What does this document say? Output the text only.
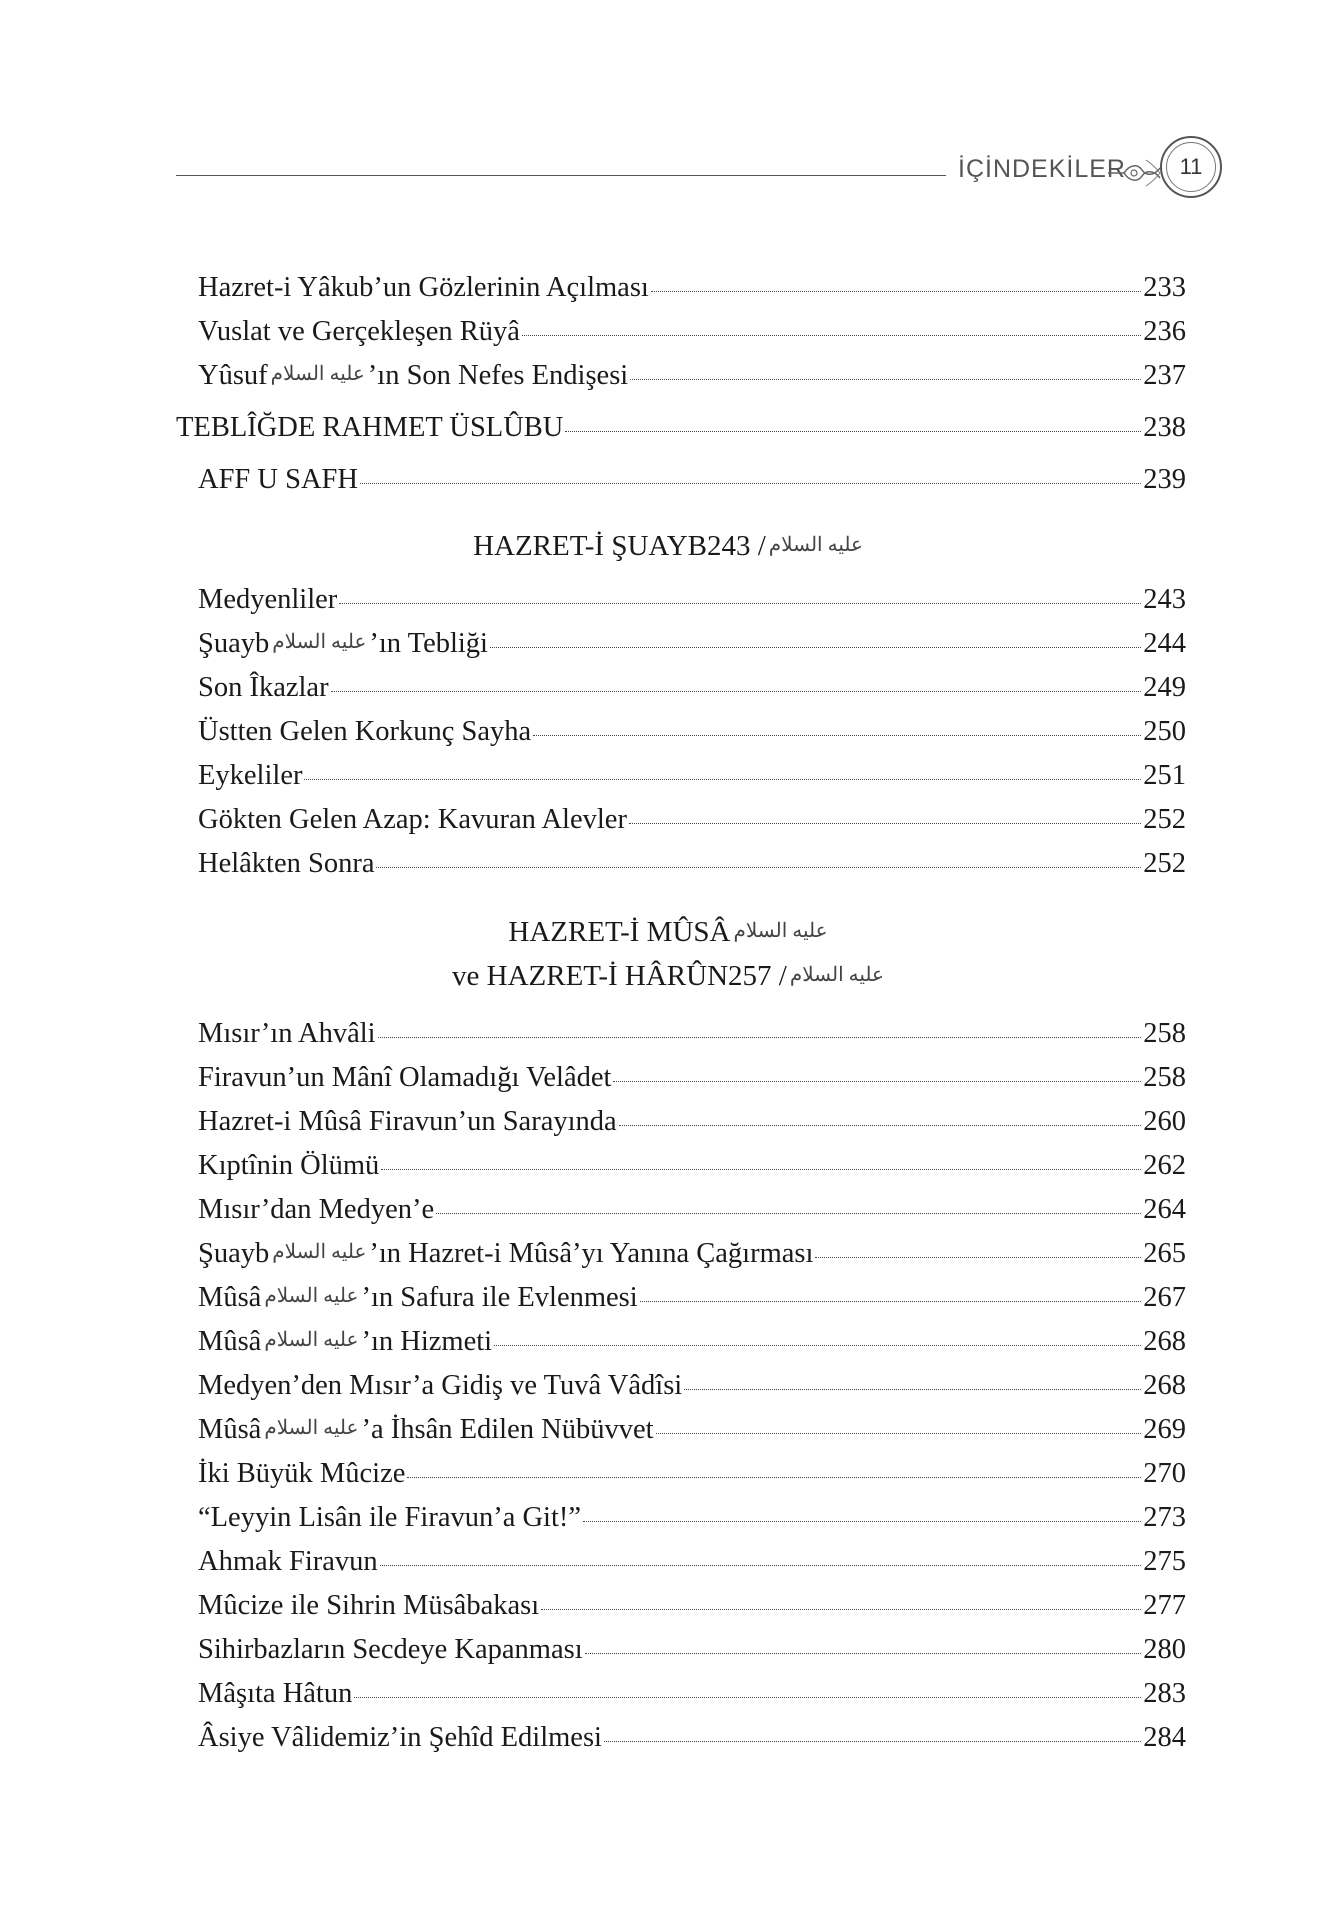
İÇİNDEKİLER	11
Hazret-i Yâkub’un Gözlerinin Açılması	233
Vuslat ve Gerçekleşen Rüyâ	236
Yûsuf عليه السلام ’ın Son Nefes Endişesi	237
TEBLÎĞDE RAHMET ÜSLÛBU	238
AFF U SAFH	239
HAZRET-İ ŞUAYB	عليه السلام/ 243
Medyenliler	243
Şuayb عليه السلام ’ın Tebliği	244
Son Îkazlar	249
Üstten Gelen Korkunç Sayha	250
Eykeliler	251
Gökten Gelen Azap: Kavuran Alevler	252
Helâkten Sonra	252
HAZRET-İ MÛSÂ عليه السلام
ve HAZRET-İ HÂRÛN	عليه السلام/ 257
Mısır’ın Ahvâli	258
Firavun’un Mânî Olamadığı Velâdet	258
Hazret-i Mûsâ Firavun’un Sarayında	260
Kıptînin Ölümü	262
Mısır’dan Medyen’e	264
Şuayb عليه السلام ’ın Hazret-i Mûsâ’yı Yanına Çağırması	265
Mûsâ عليه السلام ’ın Safura ile Evlenmesi	267
Mûsâ عليه السلام ’ın Hizmeti	268
Medyen’den Mısır’a Gidiş ve Tuvâ Vâdîsi	268
Mûsâ عليه السلام ’a İhsân Edilen Nübüvvet	269
İki Büyük Mûcize	270
“Leyyin Lisân ile Firavun’a Git!”	273
Ahmak Firavun	275
Mûcize ile Sihrin Müsâbakası	277
Sihirbazların Secdeye Kapanması	280
Mâşıta Hâtun	283
Âsiye Vâlidemiz’in Şehîd Edilmesi	284
